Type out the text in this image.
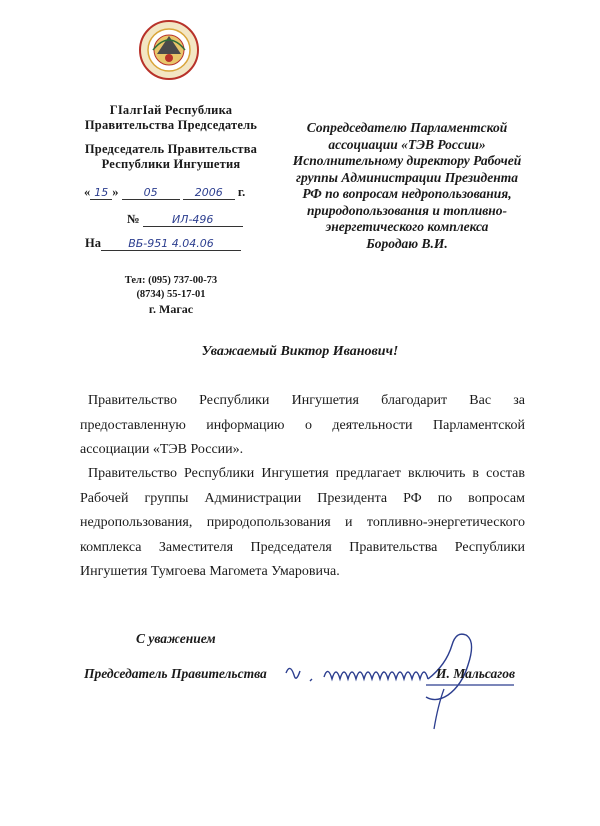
ГIалгIай Республика
Правительства Председатель
Председатель Правительства
Республики Ингушетия
« 15 » 05	2006 г.
№	ИЛ-496
На ВБ-951 4.04.06
Тел: (095) 737-00-73
(8734) 55-17-01
г. Магас
Сопредседателю Парламентской
ассоциации «ТЭВ России»
Исполнительному директору Рабочей
группы Администрации Президента
РФ по вопросам недропользования,
природопользования и топливно-
энергетического комплекса
Бородаю В.И.
Уважаемый Виктор Иванович!
Правительство Республики Ингушетия благодарит Вас за предоставленную информацию о деятельности Парламентской ассоциации «ТЭВ России».
Правительство Республики Ингушетия предлагает включить в состав Рабочей группы Администрации Президента РФ по вопросам недропользования, природопользования и топливно-энергетического комплекса Заместителя Председателя Правительства Республики Ингушетия Тумгоева Магомета Умаровича.
С уважением
Председатель Правительства	И. Мальсагов
